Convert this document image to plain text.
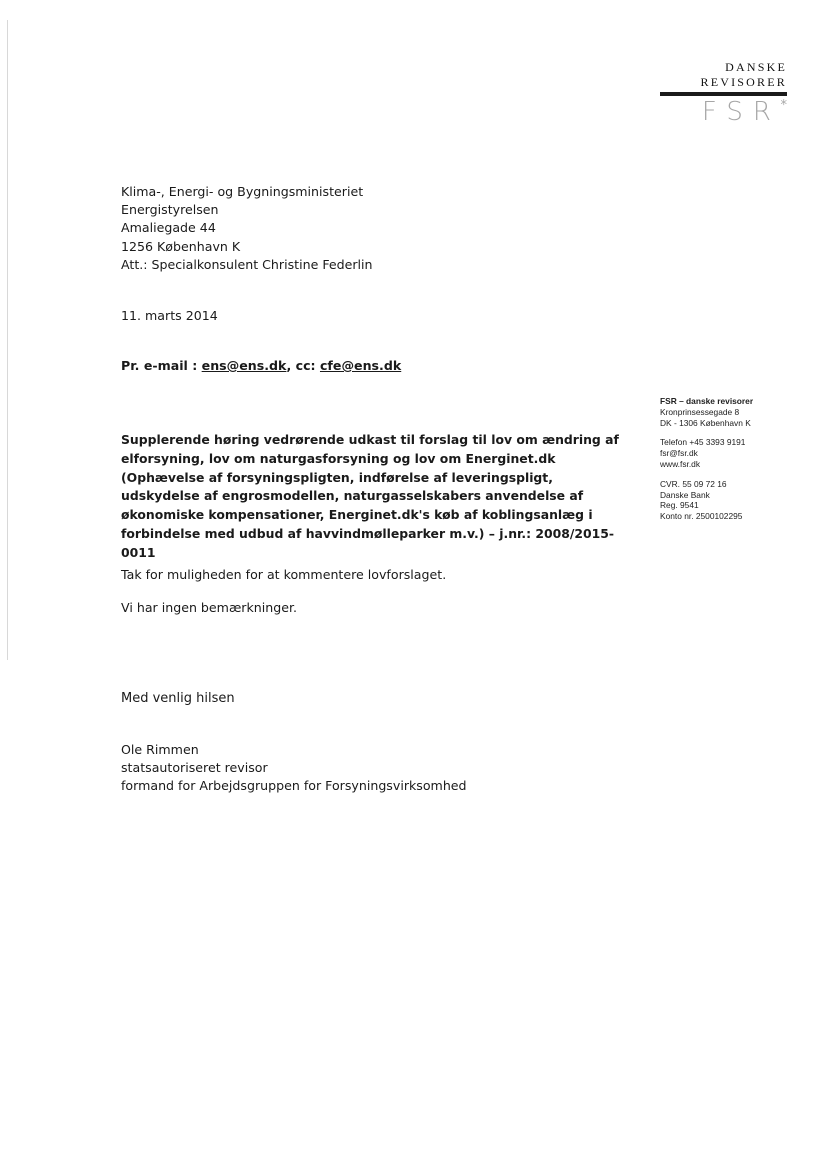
DANSKE
REVISORER
FSR *
Klima-, Energi- og Bygningsministeriet
Energistyrelsen
Amaliegade 44
1256 København K
Att.: Specialkonsulent Christine Federlin
11. marts 2014
Pr. e-mail : ens@ens.dk, cc: cfe@ens.dk
Supplerende høring vedrørende udkast til forslag til lov om ændring af elforsyning, lov om naturgasforsyning og lov om Energinet.dk (Ophævelse af forsyningspligten, indførelse af leveringspligt, udskydelse af engrosmodellen, naturgasselskabers anvendelse af økonomiske kompensationer, Energinet.dk's køb af koblingsanlæg i forbindelse med udbud af havvindmølleparker m.v.) – j.nr.: 2008/2015-0011
Tak for muligheden for at kommentere lovforslaget.
Vi har ingen bemærkninger.
Med venlig hilsen
Ole Rimmen
statsautoriseret revisor
formand for Arbejdsgruppen for Forsyningsvirksomhed
FSR – danske revisorer
Kronprinsessegade 8
DK - 1306 København K
Telefon +45 3393 9191
fsr@fsr.dk
www.fsr.dk
CVR. 55 09 72 16
Danske Bank
Reg. 9541
Konto nr. 2500102295
